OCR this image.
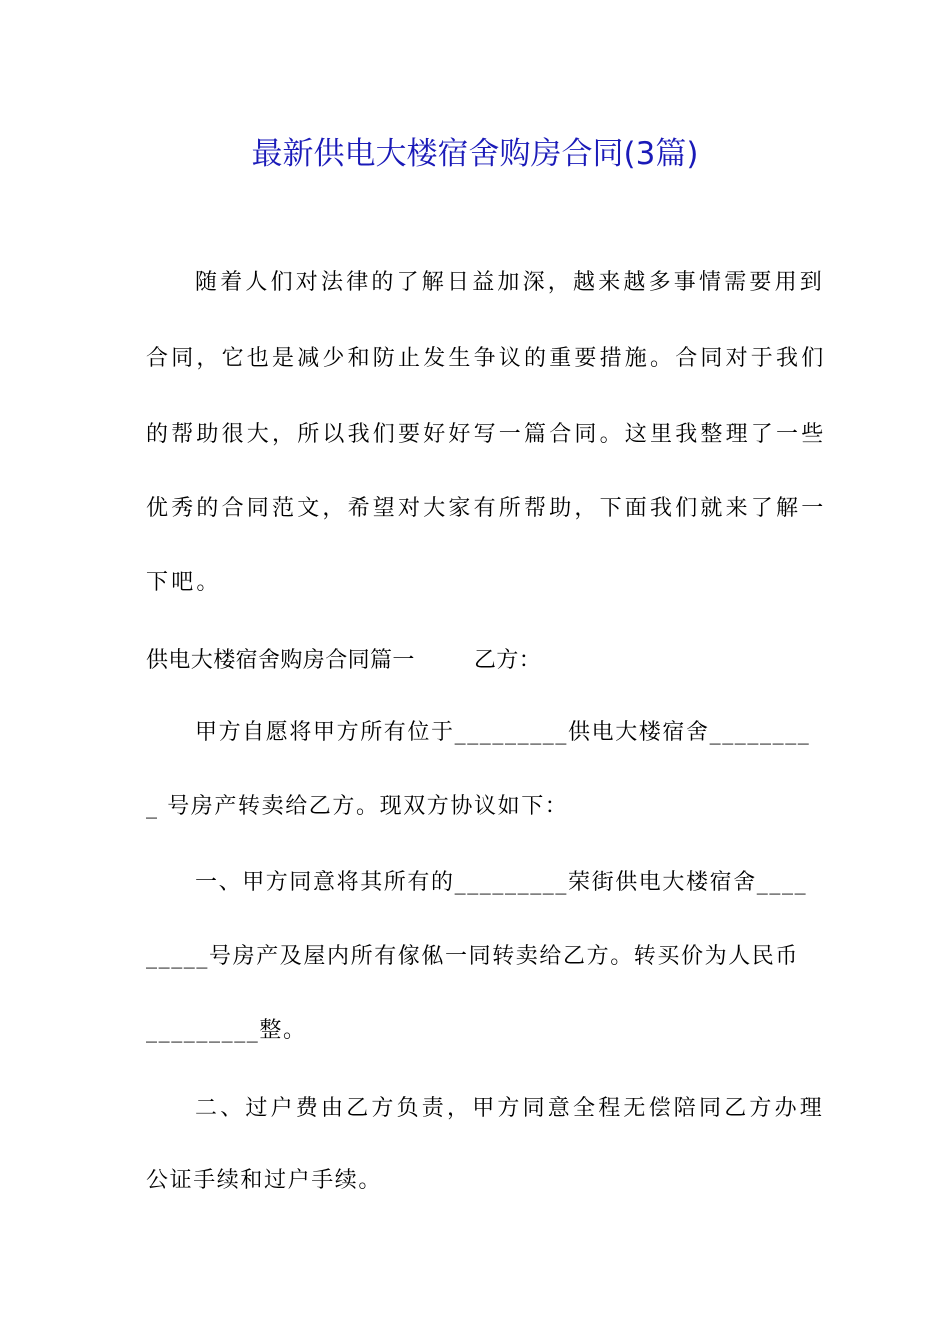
最新供电大楼宿舍购房合同(3篇)
随着人们对法律的了解日益加深，越来越多事情需要用到
合同，它也是减少和防止发生争议的重要措施。合同对于我们
的帮助很大，所以我们要好好写一篇合同。这里我整理了一些
优秀的合同范文，希望对大家有所帮助，下面我们就来了解一
下吧。
供电大楼宿舍购房合同篇一        乙方：
甲方自愿将甲方所有位于_________供电大楼宿舍________
_ 号房产转卖给乙方。现双方协议如下：
一、甲方同意将其所有的_________荣街供电大楼宿舍____
_____号房产及屋内所有傢俬一同转卖给乙方。转买价为人民币
_________整。
二、过户费由乙方负责，甲方同意全程无偿陪同乙方办理
公证手续和过户手续。
